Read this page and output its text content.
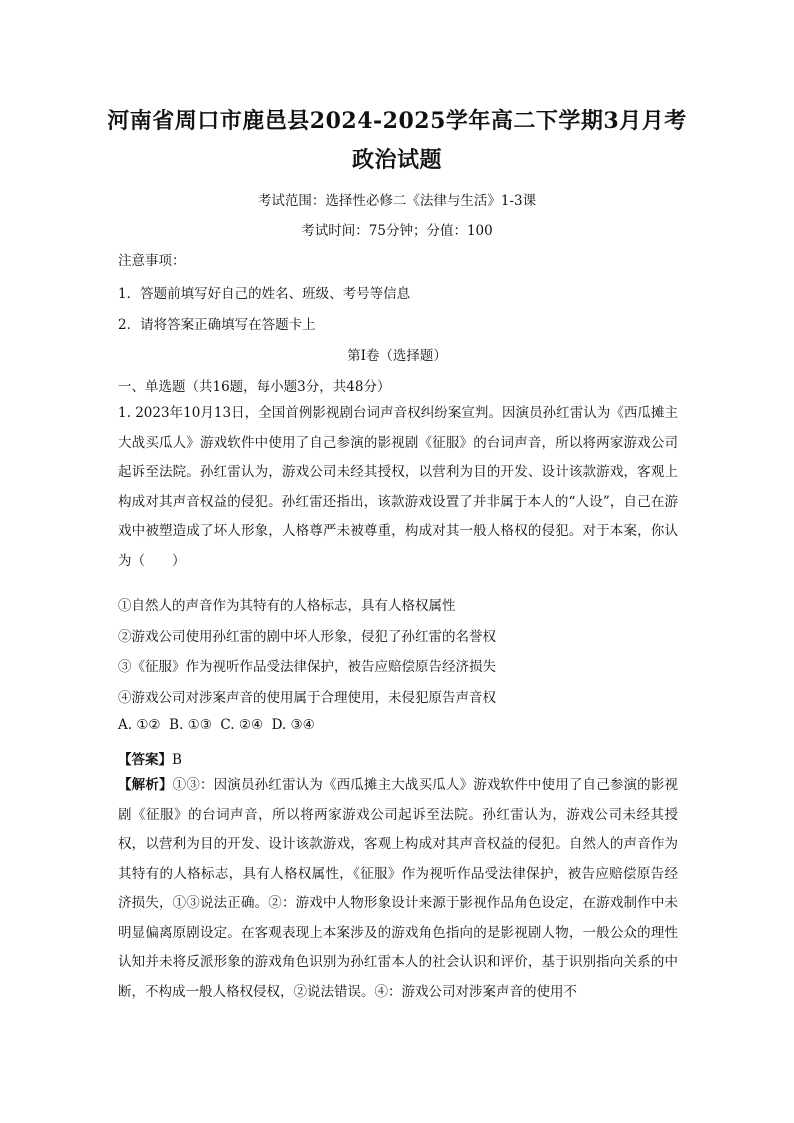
河南省周口市鹿邑县2024-2025学年高二下学期3月月考
政治试题
考试范围：选择性必修二《法律与生活》1-3课
考试时间：75分钟；分值：100
注意事项：
1．答题前填写好自己的姓名、班级、考号等信息
2．请将答案正确填写在答题卡上
第I卷（选择题）
一、单选题（共16题，每小题3分，共48分）
1. 2023年10月13日，全国首例影视剧台词声音权纠纷案宣判。因演员孙红雷认为《西瓜摊主大战买瓜人》游戏软件中使用了自己参演的影视剧《征服》的台词声音，所以将两家游戏公司起诉至法院。孙红雷认为，游戏公司未经其授权，以营利为目的开发、设计该款游戏，客观上构成对其声音权益的侵犯。孙红雷还指出，该款游戏设置了并非属于本人的“人设”，自己在游戏中被塑造成了坏人形象，人格尊严未被尊重，构成对其一般人格权的侵犯。对于本案，你认为（　　）
①自然人的声音作为其特有的人格标志，具有人格权属性
②游戏公司使用孙红雷的剧中坏人形象，侵犯了孙红雷的名誉权
③《征服》作为视听作品受法律保护，被告应赔偿原告经济损失
④游戏公司对涉案声音的使用属于合理使用，未侵犯原告声音权
A. ①②  B. ①③  C. ②④  D. ③④
【答案】B
【解析】①③：因演员孙红雷认为《西瓜摊主大战买瓜人》游戏软件中使用了自己参演的影视剧《征服》的台词声音，所以将两家游戏公司起诉至法院。孙红雷认为，游戏公司未经其授权，以营利为目的开发、设计该款游戏，客观上构成对其声音权益的侵犯。自然人的声音作为其特有的人格标志，具有人格权属性，《征服》作为视听作品受法律保护，被告应赔偿原告经济损失，①③说法正确。②：游戏中人物形象设计来源于影视作品角色设定，在游戏制作中未明显偏离原剧设定。在客观表现上本案涉及的游戏角色指向的是影视剧人物，一般公众的理性认知并未将反派形象的游戏角色识别为孙红雷本人的社会认识和评价，基于识别指向关系的中断，不构成一般人格权侵权，②说法错误。④：游戏公司对涉案声音的使用不
